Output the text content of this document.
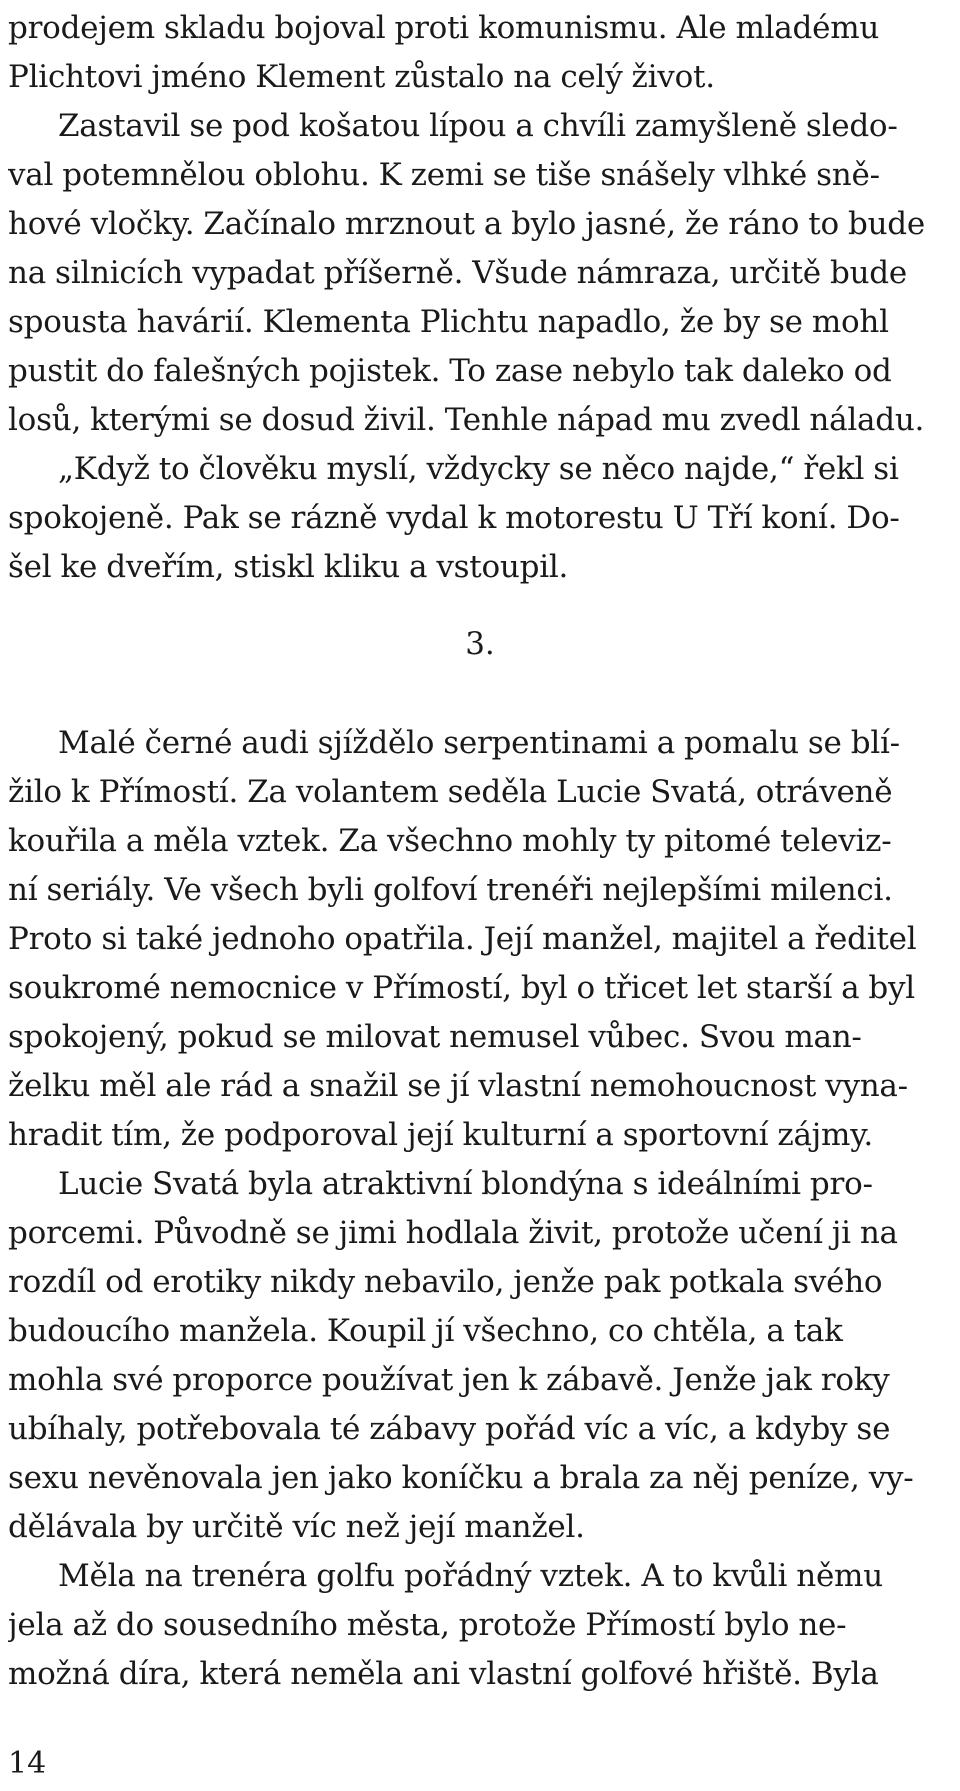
prodejem skladu bojoval proti komunismu. Ale mladému
Plichtovi jméno Klement zůstalo na celý život.
Zastavil se pod košatou lípou a chvíli zamyšleně sledo-
val potemnělou oblohu. K zemi se tiše snášely vlhké sně-
hové vločky. Začínalo mrznout a bylo jasné, že ráno to bude
na silnicích vypadat příšerně. Všude námraza, určitě bude
spousta havárií. Klementa Plichtu napadlo, že by se mohl
pustit do falešných pojistek. To zase nebylo tak daleko od
losů, kterými se dosud živil. Tenhle nápad mu zvedl náladu.
„Když to člověku myslí, vždycky se něco najde,“ řekl si
spokojeně. Pak se rázně vydal k motorestu U Tří koní. Do-
šel ke dveřím, stiskl kliku a vstoupil.
3.
Malé černé audi sjíždělo serpentinami a pomalu se blí-
žilo k Přímostí. Za volantem seděla Lucie Svatá, otráveně
kouřila a měla vztek. Za všechno mohly ty pitomé televiz-
ní seriály. Ve všech byli golfoví trenéři nejlepšími milenci.
Proto si také jednoho opatřila. Její manžel, majitel a ředitel
soukromé nemocnice v Přímostí, byl o třicet let starší a byl
spokojený, pokud se milovat nemusel vůbec. Svou man-
želku měl ale rád a snažil se jí vlastní nemohoucnost vyna-
hradit tím, že podporoval její kulturní a sportovní zájmy.
Lucie Svatá byla atraktivní blondýna s ideálními pro-
porcemi. Původně se jimi hodlala živit, protože učení ji na
rozdíl od erotiky nikdy nebavilo, jenže pak potkala svého
budoucího manžela. Koupil jí všechno, co chtěla, a tak
mohla své proporce používat jen k zábavě. Jenže jak roky
ubíhaly, potřebovala té zábavy pořád víc a víc, a kdyby se
sexu nevěnovala jen jako koníčku a brala za něj peníze, vy-
dělávala by určitě víc než její manžel.
Měla na trenéra golfu pořádný vztek. A to kvůli němu
jela až do sousedního města, protože Přímostí bylo ne-
možná díra, která neměla ani vlastní golfové hřiště. Byla
14
